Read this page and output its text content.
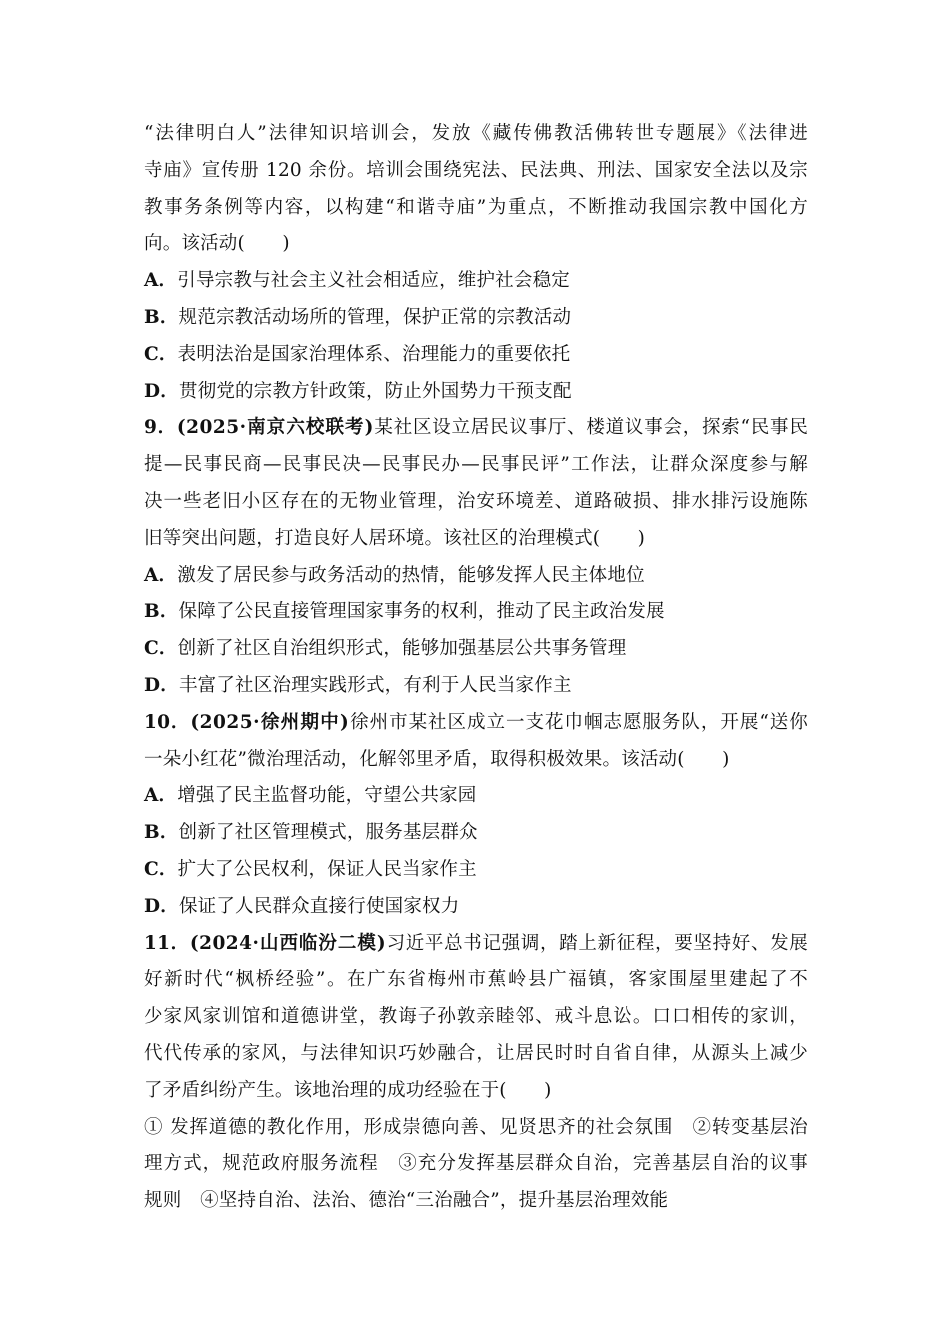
“法律明白人”法律知识培训会，发放《藏传佛教活佛转世专题展》《法律进
寺庙》宣传册 120 余份。培训会围绕宪法、民法典、刑法、国家安全法以及宗
教事务条例等内容，以构建“和谐寺庙”为重点，不断推动我国宗教中国化方
向。该活动(　　)
A．引导宗教与社会主义社会相适应，维护社会稳定
B．规范宗教活动场所的管理，保护正常的宗教活动
C．表明法治是国家治理体系、治理能力的重要依托
D．贯彻党的宗教方针政策，防止外国势力干预支配
9．(2025·南京六校联考)某社区设立居民议事厅、楼道议事会，探索“民事民
提—民事民商—民事民决—民事民办—民事民评”工作法，让群众深度参与解
决一些老旧小区存在的无物业管理，治安环境差、道路破损、排水排污设施陈
旧等突出问题，打造良好人居环境。该社区的治理模式(　　)
A．激发了居民参与政务活动的热情，能够发挥人民主体地位
B．保障了公民直接管理国家事务的权利，推动了民主政治发展
C．创新了社区自治组织形式，能够加强基层公共事务管理
D．丰富了社区治理实践形式，有利于人民当家作主
10．(2025·徐州期中)徐州市某社区成立一支花巾帼志愿服务队，开展“送你
一朵小红花”微治理活动，化解邻里矛盾，取得积极效果。该活动(　　)
A．增强了民主监督功能，守望公共家园
B．创新了社区管理模式，服务基层群众
C．扩大了公民权利，保证人民当家作主
D．保证了人民群众直接行使国家权力
11．(2024·山西临汾二模)习近平总书记强调，踏上新征程，要坚持好、发展
好新时代“枫桥经验”。在广东省梅州市蕉岭县广福镇，客家围屋里建起了不
少家风家训馆和道德讲堂，教诲子孙敦亲睦邻、戒斗息讼。口口相传的家训，
代代传承的家风，与法律知识巧妙融合，让居民时时自省自律，从源头上减少
了矛盾纠纷产生。该地治理的成功经验在于(　　)
① 发挥道德的教化作用，形成崇德向善、见贤思齐的社会氛围　②转变基层治
理方式，规范政府服务流程　③充分发挥基层群众自治，完善基层自治的议事
规则　④坚持自治、法治、德治“三治融合”，提升基层治理效能
